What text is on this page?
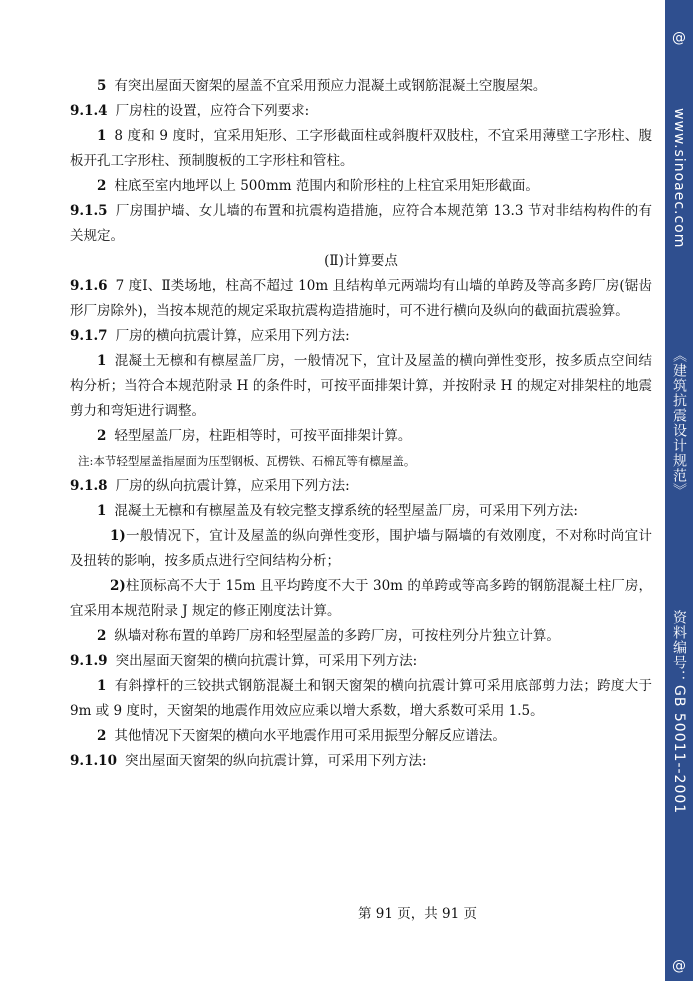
5 有突出屋面天窗架的屋盖不宜采用预应力混凝土或钢筋混凝土空腹屋架。

9.1.4 厂房柱的设置，应符合下列要求:

1 8 度和 9 度时，宜采用矩形、工字形截面柱或斜腹杆双肢柱，不宜采用薄壁工字形柱、腹板开孔工字形柱、预制腹板的工字形柱和管柱。

2 柱底至室内地坪以上 500mm 范围内和阶形柱的上柱宜采用矩形截面。

9.1.5 厂房围护墙、女儿墙的布置和抗震构造措施，应符合本规范第 13.3 节对非结构构件的有关规定。

(Ⅱ)计算要点

9.1.6 7 度Ⅰ、Ⅱ类场地，柱高不超过 10m 且结构单元两端均有山墙的单跨及等高多跨厂房(锯齿形厂房除外)，当按本规范的规定采取抗震构造措施时，可不进行横向及纵向的截面抗震验算。

9.1.7 厂房的横向抗震计算，应采用下列方法:

1 混凝土无檩和有檩屋盖厂房，一般情况下，宜计及屋盖的横向弹性变形，按多质点空间结构分析；当符合本规范附录 H 的条件时，可按平面排架计算，并按附录 H 的规定对排架柱的地震剪力和弯矩进行调整。

2 轻型屋盖厂房，柱距相等时，可按平面排架计算。

注:本节轻型屋盖指屋面为压型钢板、瓦楞铁、石棉瓦等有檩屋盖。

9.1.8 厂房的纵向抗震计算，应采用下列方法:

1 混凝土无檩和有檩屋盖及有较完整支撑系统的轻型屋盖厂房，可采用下列方法:

1)一般情况下，宜计及屋盖的纵向弹性变形，围护墙与隔墙的有效刚度，不对称时尚宜计及扭转的影响，按多质点进行空间结构分析；

2)柱顶标高不大于 15m 且平均跨度不大于 30m 的单跨或等高多跨的钢筋混凝土柱厂房，宜采用本规范附录 J 规定的修正刚度法计算。

2 纵墙对称布置的单跨厂房和轻型屋盖的多跨厂房，可按柱列分片独立计算。

9.1.9 突出屋面天窗架的横向抗震计算，可采用下列方法:

1 有斜撑杆的三铰拱式钢筋混凝土和钢天窗架的横向抗震计算可采用底部剪力法；跨度大于 9m 或 9 度时，天窗架的地震作用效应应乘以增大系数，增大系数可采用 1.5。

2 其他情况下天窗架的横向水平地震作用可采用振型分解反应谱法。

9.1.10 突出屋面天窗架的纵向抗震计算，可采用下列方法:

第 91 页，共 91 页
@
www.sinoaec.com
《建筑抗震设计规范》
资料编号：GB 50011--2001
@
